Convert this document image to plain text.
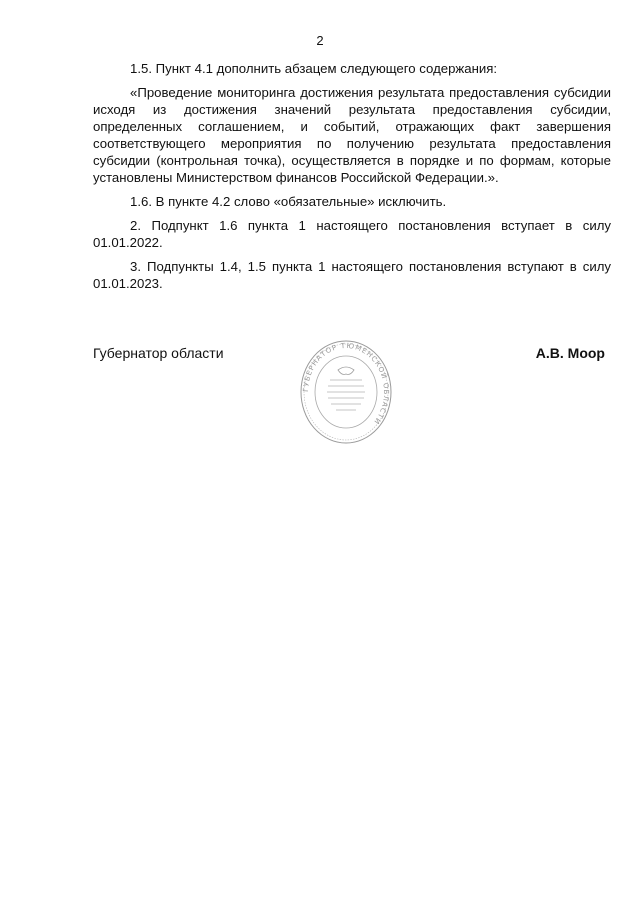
2

1.5. Пункт 4.1 дополнить абзацем следующего содержания:

«Проведение мониторинга достижения результата предоставления субсидии исходя из достижения значений результата предоставления субсидии, определенных соглашением, и событий, отражающих факт завершения соответствующего мероприятия по получению результата предоставления субсидии (контрольная точка), осуществляется в порядке и по формам, которые установлены Министерством финансов Российской Федерации.».

1.6. В пункте 4.2 слово «обязательные» исключить.

2. Подпункт 1.6 пункта 1 настоящего постановления вступает в силу 01.01.2022.

3. Подпункты 1.4, 1.5 пункта 1 настоящего постановления вступают в силу 01.01.2023.

Губернатор области
ГУБЕРНАТОР ТЮМЕНСКОЙ ОБЛАСТИ
А.В. Моор
